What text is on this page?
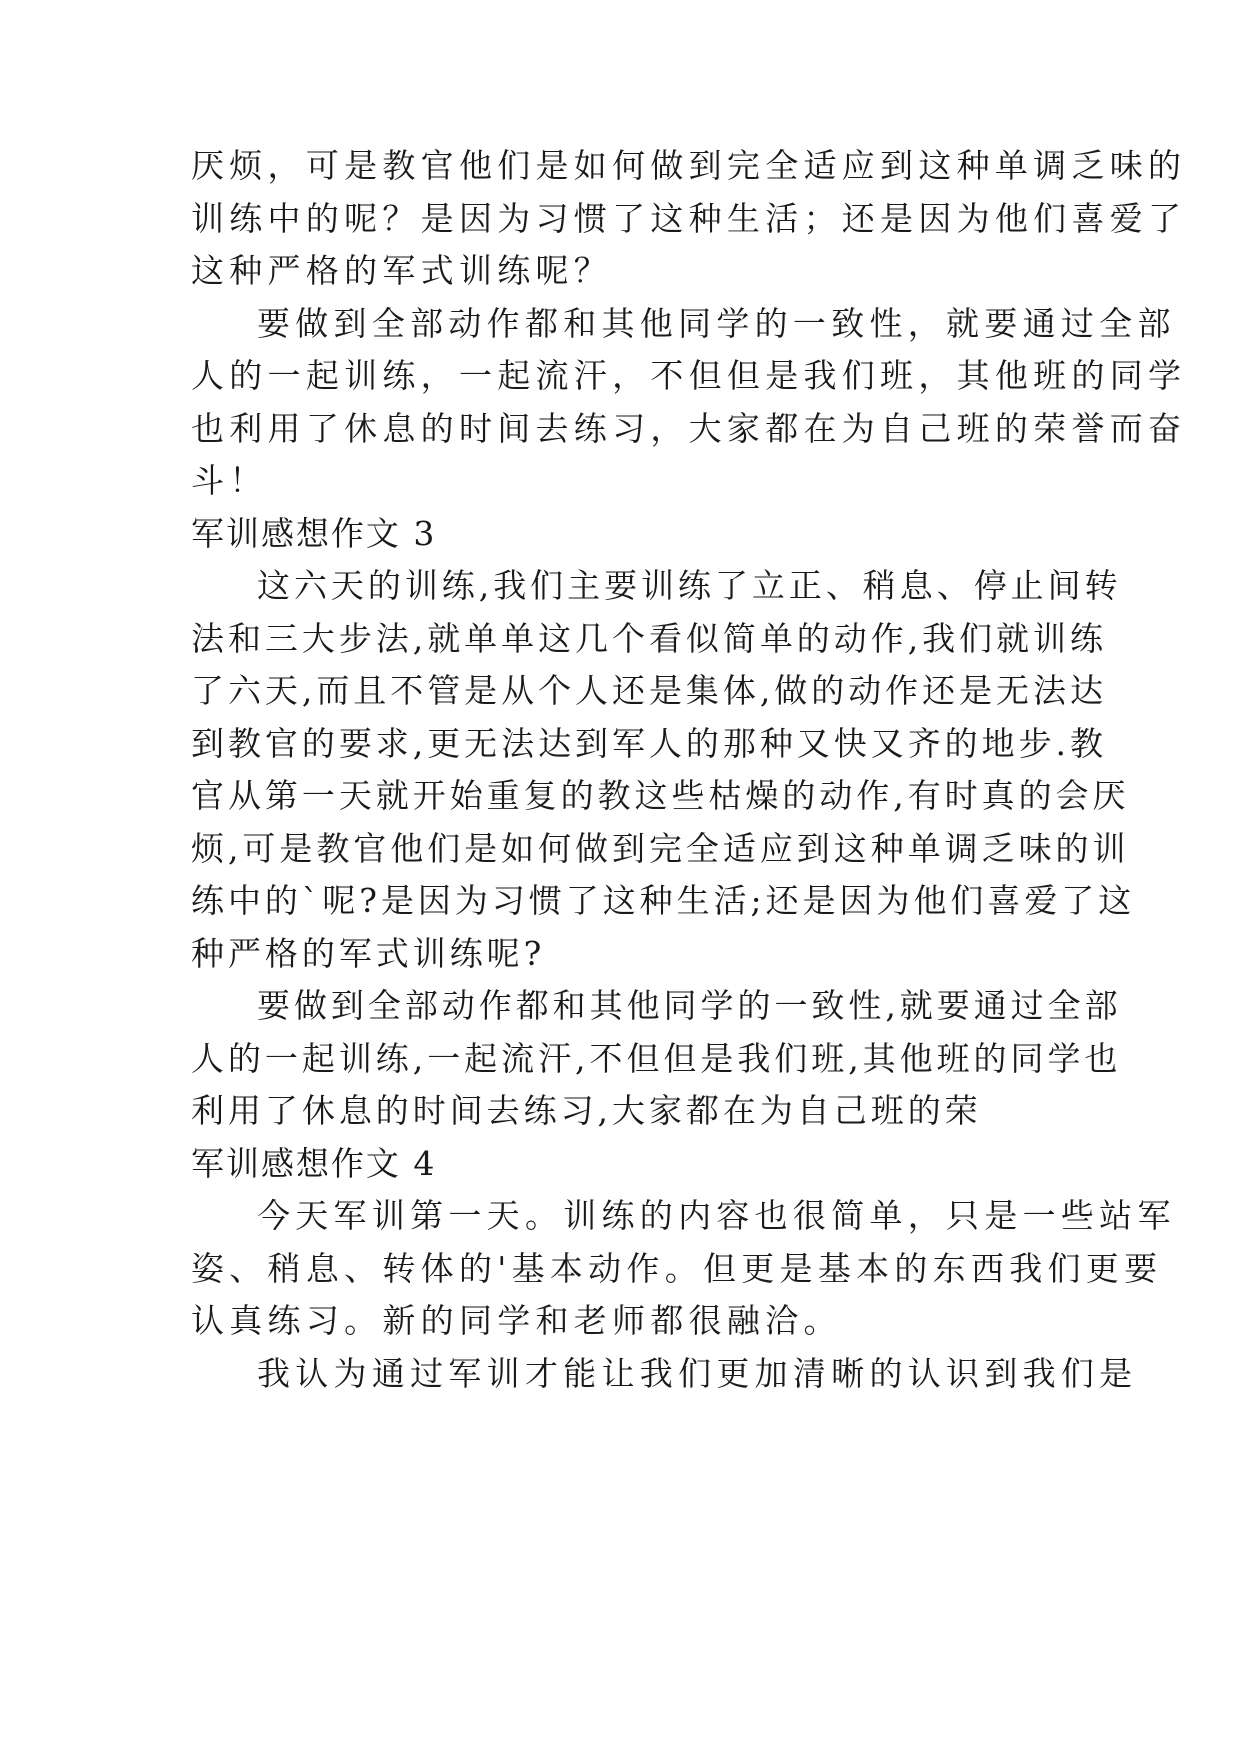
厌烦，可是教官他们是如何做到完全适应到这种单调乏味的
训练中的呢？是因为习惯了这种生活；还是因为他们喜爱了
这种严格的军式训练呢？
要做到全部动作都和其他同学的一致性，就要通过全部
人的一起训练，一起流汗，不但但是我们班，其他班的同学
也利用了休息的时间去练习，大家都在为自己班的荣誉而奋
斗！
军训感想作文 3
这六天的训练,我们主要训练了立正、稍息、停止间转
法和三大步法,就单单这几个看似简单的动作,我们就训练
了六天,而且不管是从个人还是集体,做的动作还是无法达
到教官的要求,更无法达到军人的那种又快又齐的地步.教
官从第一天就开始重复的教这些枯燥的动作,有时真的会厌
烦,可是教官他们是如何做到完全适应到这种单调乏味的训
练中的`呢?是因为习惯了这种生活;还是因为他们喜爱了这
种严格的军式训练呢?
要做到全部动作都和其他同学的一致性,就要通过全部
人的一起训练,一起流汗,不但但是我们班,其他班的同学也
利用了休息的时间去练习,大家都在为自己班的荣
军训感想作文 4
今天军训第一天。训练的内容也很简单，只是一些站军
姿、稍息、转体的'基本动作。但更是基本的东西我们更要
认真练习。新的同学和老师都很融洽。
我认为通过军训才能让我们更加清晰的认识到我们是
